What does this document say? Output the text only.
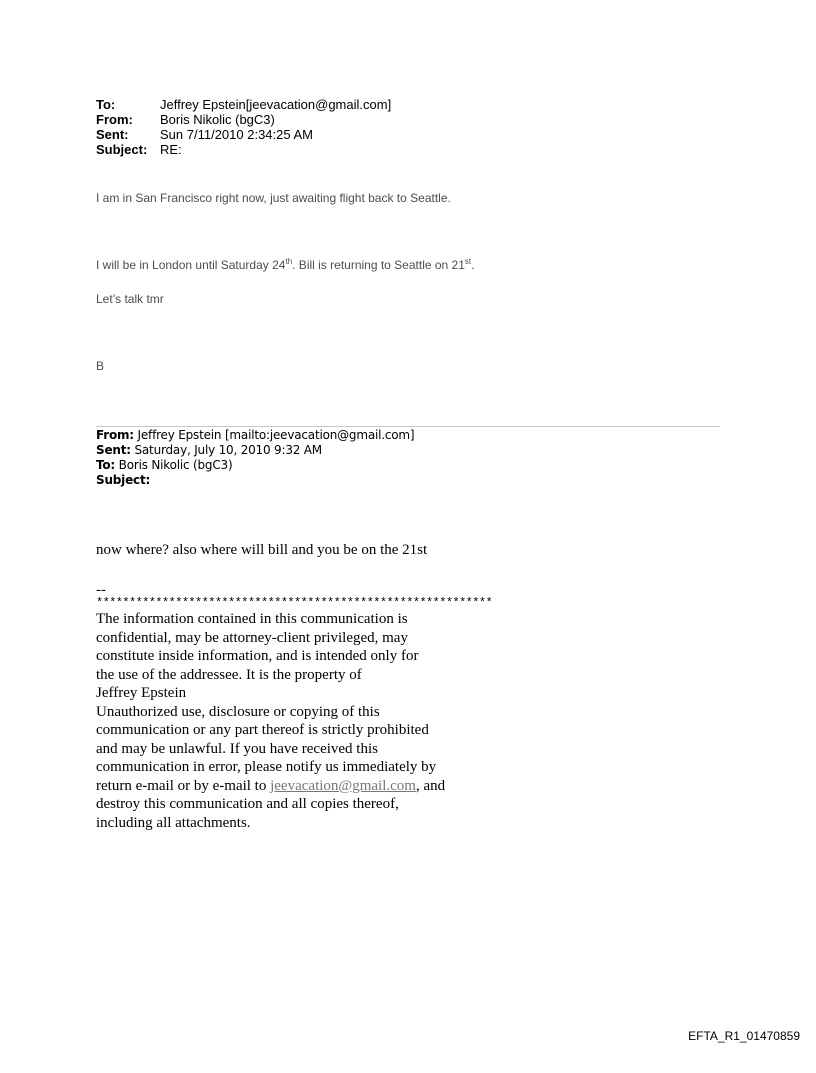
To:	Jeffrey Epstein[jeevacation@gmail.com]
From:	Boris Nikolic (bgC3)
Sent:	Sun 7/11/2010 2:34:25 AM
Subject: RE:
I am in San Francisco right now, just awaiting flight back to Seattle.
I will be in London until Saturday 24th. Bill is returning to Seattle on 21st.
Let’s talk tmr
B
From: Jeffrey Epstein [mailto:jeevacation@gmail.com]
Sent: Saturday, July 10, 2010 9:32 AM
To: Boris Nikolic (bgC3)
Subject:
now where? also where will bill and you be on the 21st
--
************************************************************
The information contained in this communication is
confidential, may be attorney-client privileged, may
constitute inside information, and is intended only for
the use of the addressee. It is the property of
Jeffrey Epstein
Unauthorized use, disclosure or copying of this
communication or any part thereof is strictly prohibited
and may be unlawful. If you have received this
communication in error, please notify us immediately by
return e-mail or by e-mail to jeevacation@gmail.com, and
destroy this communication and all copies thereof,
including all attachments.
EFTA_R1_01470859
